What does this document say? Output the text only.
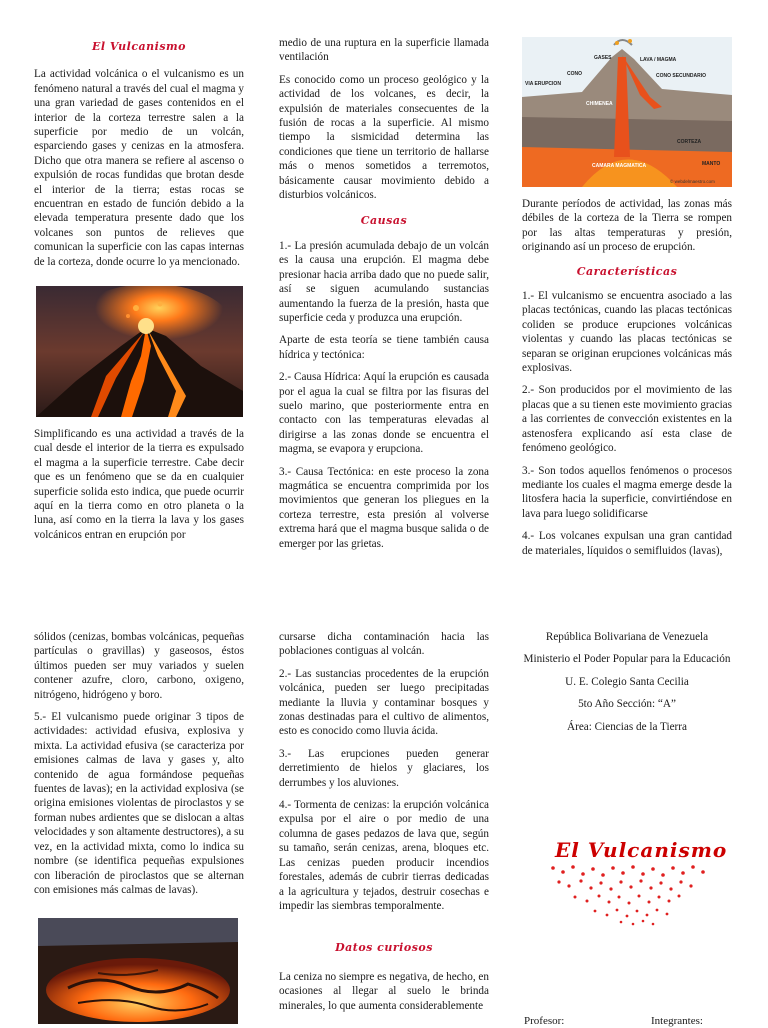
El Vulcanismo

La actividad volcánica o el vulcanismo es un fenómeno natural a través del cual el magma y una gran variedad de gases contenidos en el interior de la corteza terrestre salen a la superficie por medio de un volcán, esparciendo gases y cenizas en la atmosfera. Dicho que otra manera se refiere al ascenso o expulsión de rocas fundidas que brotan desde el interior de la tierra; estas rocas se encuentran en estado de función debido a la elevada temperatura presente dado que los volcanes son puntos de relieves que comunican la superficie con las capas internas de la corteza, donde ocurre lo ya mencionado.

Simplificando es una actividad a través de la cual desde el interior de la tierra es expulsado el magma a la superficie terrestre. Cabe decir que es un fenómeno que se da en cualquier superficie solida esto indica, que puede ocurrir aquí en la tierra como en otro planeta o la luna, así como en la tierra la lava y los gases volcánicos entran en erupción por

medio de una ruptura en la superficie llamada ventilación

Es conocido como un proceso geológico y la actividad de los volcanes, es decir, la expulsión de materiales consecuentes de la fusión de rocas a la superficie. Al mismo tiempo la sismicidad determina las condiciones que tiene un territorio de hallarse más o menos sometidos a terremotos, básicamente causar movimiento debido a disturbios volcánicos.

Causas

1.- La presión acumulada debajo de un volcán es la causa una erupción. El magma debe presionar hacia arriba dado que no puede salir, así se siguen acumulando sustancias aumentando la fuerza de la presión, hasta que superficie ceda y produzca una erupción.

Aparte de esta teoría se tiene también causa hídrica y tectónica:

2.- Causa Hídrica: Aquí la erupción es causada por el agua la cual se filtra por las fisuras del suelo marino, que posteriormente entra en contacto con las temperaturas elevadas al dirigirse a las zonas donde se encuentra el magma, se evapora y erupciona.

3.- Causa Tectónica: en este proceso la zona magmática se encuentra comprimida por los movimientos que generan los pliegues en la corteza terrestre, esta presión al volverse extrema hará que el magma busque salida o de emerger por las grietas.

GASES	LAVA / MAGMA
CONO	CONO SECUNDARIO
VIA ERUPCION
CHIMENEA
CORTEZA
CAMARA MAGMATICA	MANTO
© webdelmaestro.com

Durante períodos de actividad, las zonas más débiles de la corteza de la Tierra se rompen por las altas temperaturas y presión, originando así un proceso de erupción.

Características

1.- El vulcanismo se encuentra asociado a las placas tectónicas, cuando las placas tectónicas coliden se produce erupciones volcánicas violentas y cuando las placas tectónicas se separan se originan erupciones volcánicas más explosivas.

2.- Son producidos por el movimiento de las placas que a su tienen este movimiento gracias a las corrientes de convección existentes en la astenosfera explicando así esta clase de fenómeno geológico.

3.- Son todos aquellos fenómenos o procesos mediante los cuales el magma emerge desde la litosfera hacia la superficie, convirtiéndose en lava para luego solidificarse

4.- Los volcanes expulsan una gran cantidad de materiales, líquidos o semifluidos (lavas),

sólidos (cenizas, bombas volcánicas, pequeñas partículas o gravillas) y gaseosos, éstos últimos pueden ser muy variados y suelen contener azufre, cloro, carbono, oxigeno, nitrógeno, hidrógeno y boro.

5.- El vulcanismo puede originar 3 tipos de actividades: actividad efusiva, explosiva y mixta. La actividad efusiva (se caracteriza por emisiones calmas de lava y gases y, alto contenido de agua formándose pequeñas fuentes de lavas); en la actividad explosiva (se origina emisiones violentas de piroclastos y se forman nubes ardientes que se dislocan a altas velocidades y son altamente destructores), a su vez, en la actividad mixta, como lo indica su nombre (se identifica pequeñas expulsiones con liberación de piroclastos que se alternan con emisiones más calmas de lavas).

cursarse dicha contaminación hacia las poblaciones contiguas al volcán.

2.- Las sustancias procedentes de la erupción volcánica, pueden ser luego precipitadas mediante la lluvia y contaminar bosques y zonas destinadas para el cultivo de alimentos, esto es conocido como lluvia ácida.

3.- Las erupciones pueden generar derretimiento de hielos y glaciares, los derrumbes y los aluviones.

4.- Tormenta de cenizas: la erupción volcánica expulsa por el aire o por medio de una columna de gases pedazos de lava que, según su tamaño, serán cenizas, arena, bloques etc. Las cenizas pueden producir incendios forestales, además de cubrir tierras dedicadas a la agricultura y tejados, destruir cosechas e impedir las siembras temporalmente.

Datos curiosos

La ceniza no siempre es negativa, de hecho, en ocasiones al llegar al suelo le brinda minerales, lo que aumenta considerablemente

República Bolivariana de Venezuela

Ministerio el Poder Popular para la Educación

U. E. Colegio Santa Cecilia

5to Año Sección: “A”

Área: Ciencias de la Tierra

El Vulcanismo
Profesor:	Integrantes:
